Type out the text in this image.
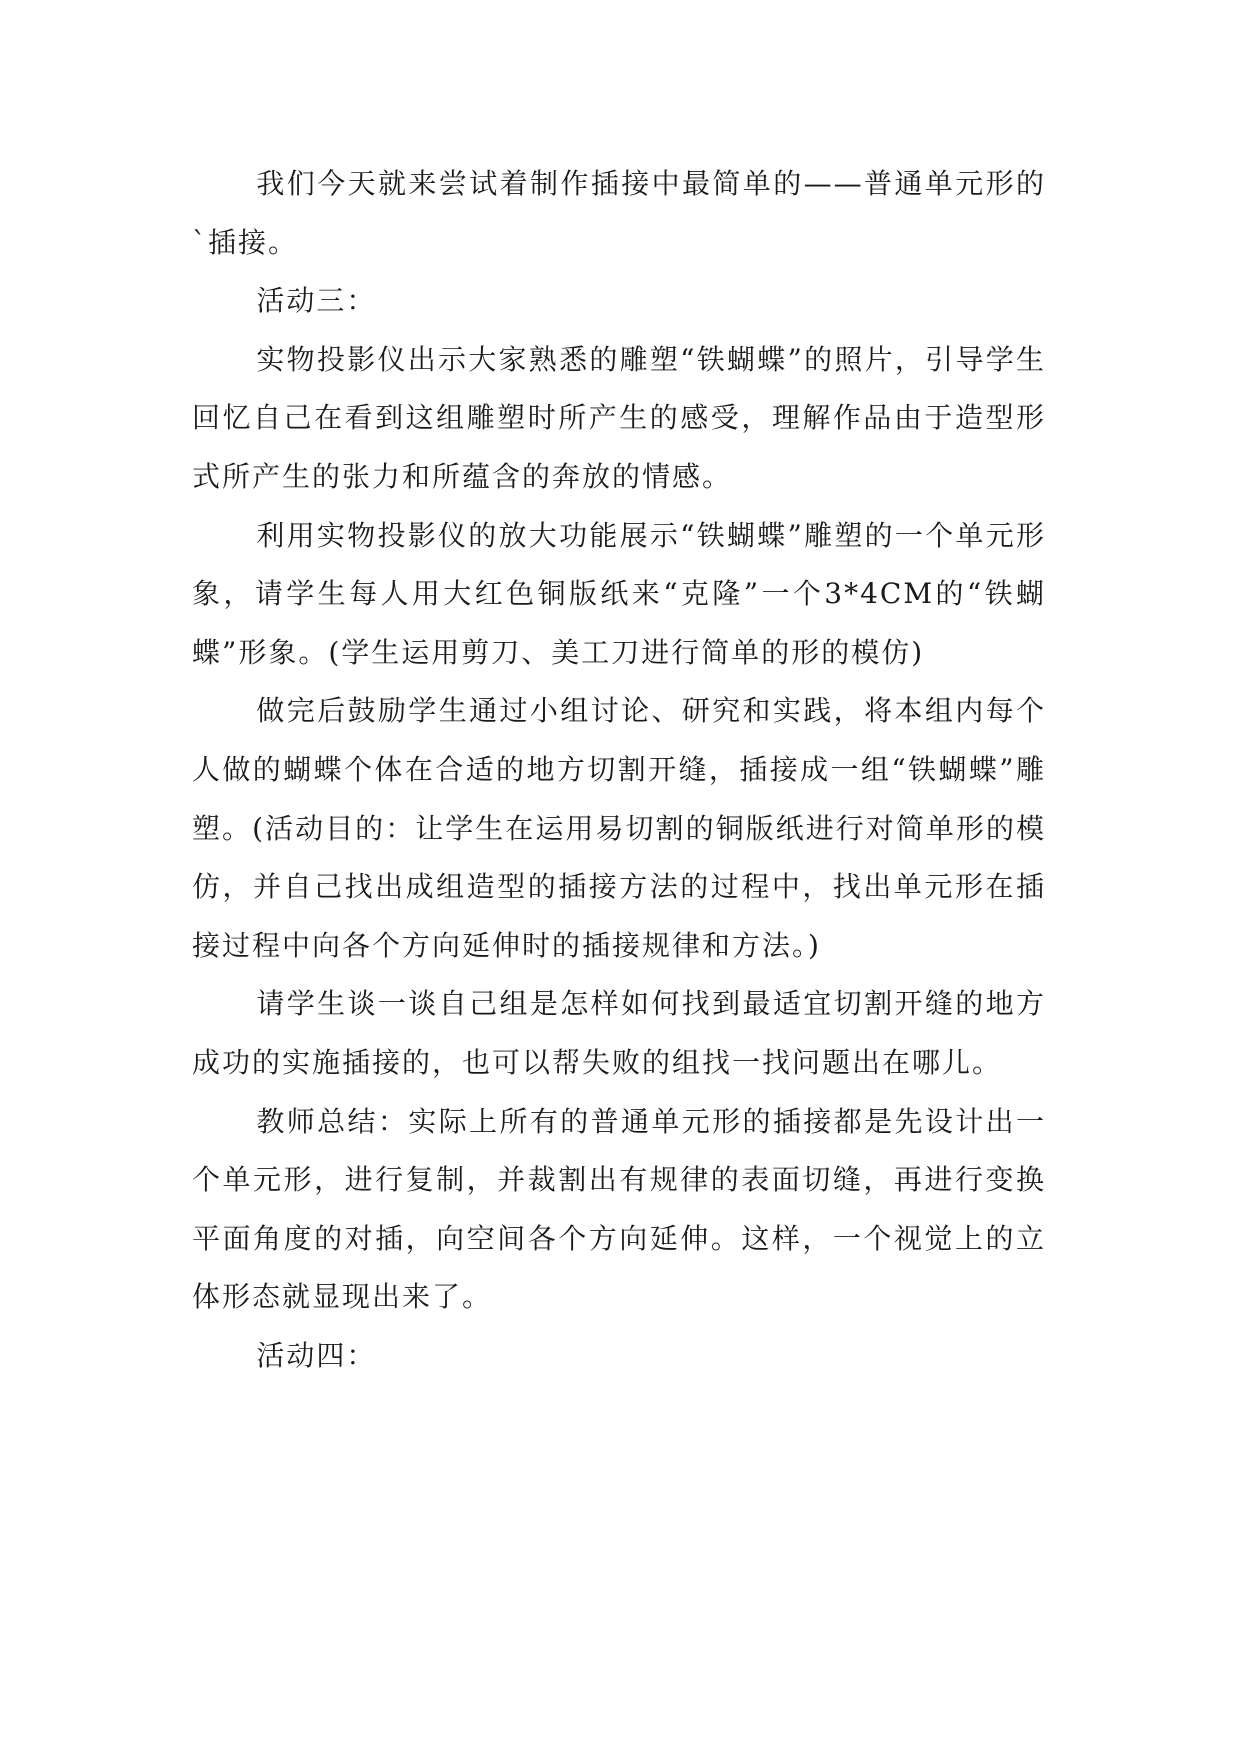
我们今天就来尝试着制作插接中最简单的——普通单元形的`插接。

活动三：

实物投影仪出示大家熟悉的雕塑“铁蝴蝶”的照片，引导学生回忆自己在看到这组雕塑时所产生的感受，理解作品由于造型形式所产生的张力和所蕴含的奔放的情感。

利用实物投影仪的放大功能展示“铁蝴蝶”雕塑的一个单元形象，请学生每人用大红色铜版纸来“克隆”一个3*4CM的“铁蝴蝶”形象。(学生运用剪刀、美工刀进行简单的形的模仿)

做完后鼓励学生通过小组讨论、研究和实践，将本组内每个人做的蝴蝶个体在合适的地方切割开缝，插接成一组“铁蝴蝶”雕塑。(活动目的：让学生在运用易切割的铜版纸进行对简单形的模仿，并自己找出成组造型的插接方法的过程中，找出单元形在插接过程中向各个方向延伸时的插接规律和方法。)

请学生谈一谈自己组是怎样如何找到最适宜切割开缝的地方成功的实施插接的，也可以帮失败的组找一找问题出在哪儿。

教师总结：实际上所有的普通单元形的插接都是先设计出一个单元形，进行复制，并裁割出有规律的表面切缝，再进行变换平面角度的对插，向空间各个方向延伸。这样，一个视觉上的立体形态就显现出来了。

活动四：
